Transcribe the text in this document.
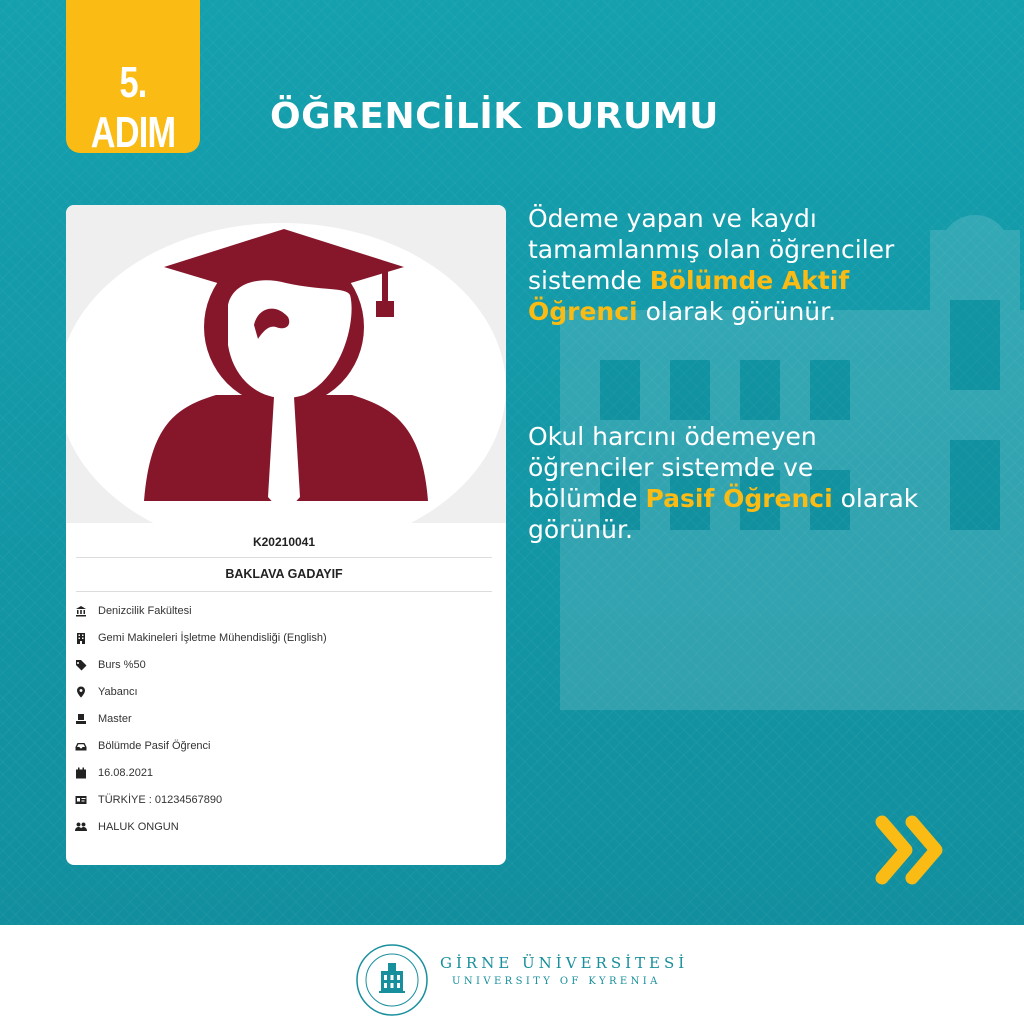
5. ADIM	ÖĞRENCİLİK DURUMU
K20210041
BAKLAVA GADAYIF
Denizcilik Fakültesi
Gemi Makineleri İşletme Mühendisliği (English)
Burs %50
Yabancı
Master
Bölümde Pasif Öğrenci
16.08.2021
TÜRKİYE : 01234567890
HALUK ONGUN
Ödeme yapan ve kaydı tamamlanmış olan öğrenciler sistemde Bölümde Aktif Öğrenci olarak görünür.
Okul harcını ödemeyen öğrenciler sistemde ve bölümde Pasif Öğrenci olarak görünür.
GİRNE ÜNİVERSİTESİ
UNIVERSITY OF KYRENIA
